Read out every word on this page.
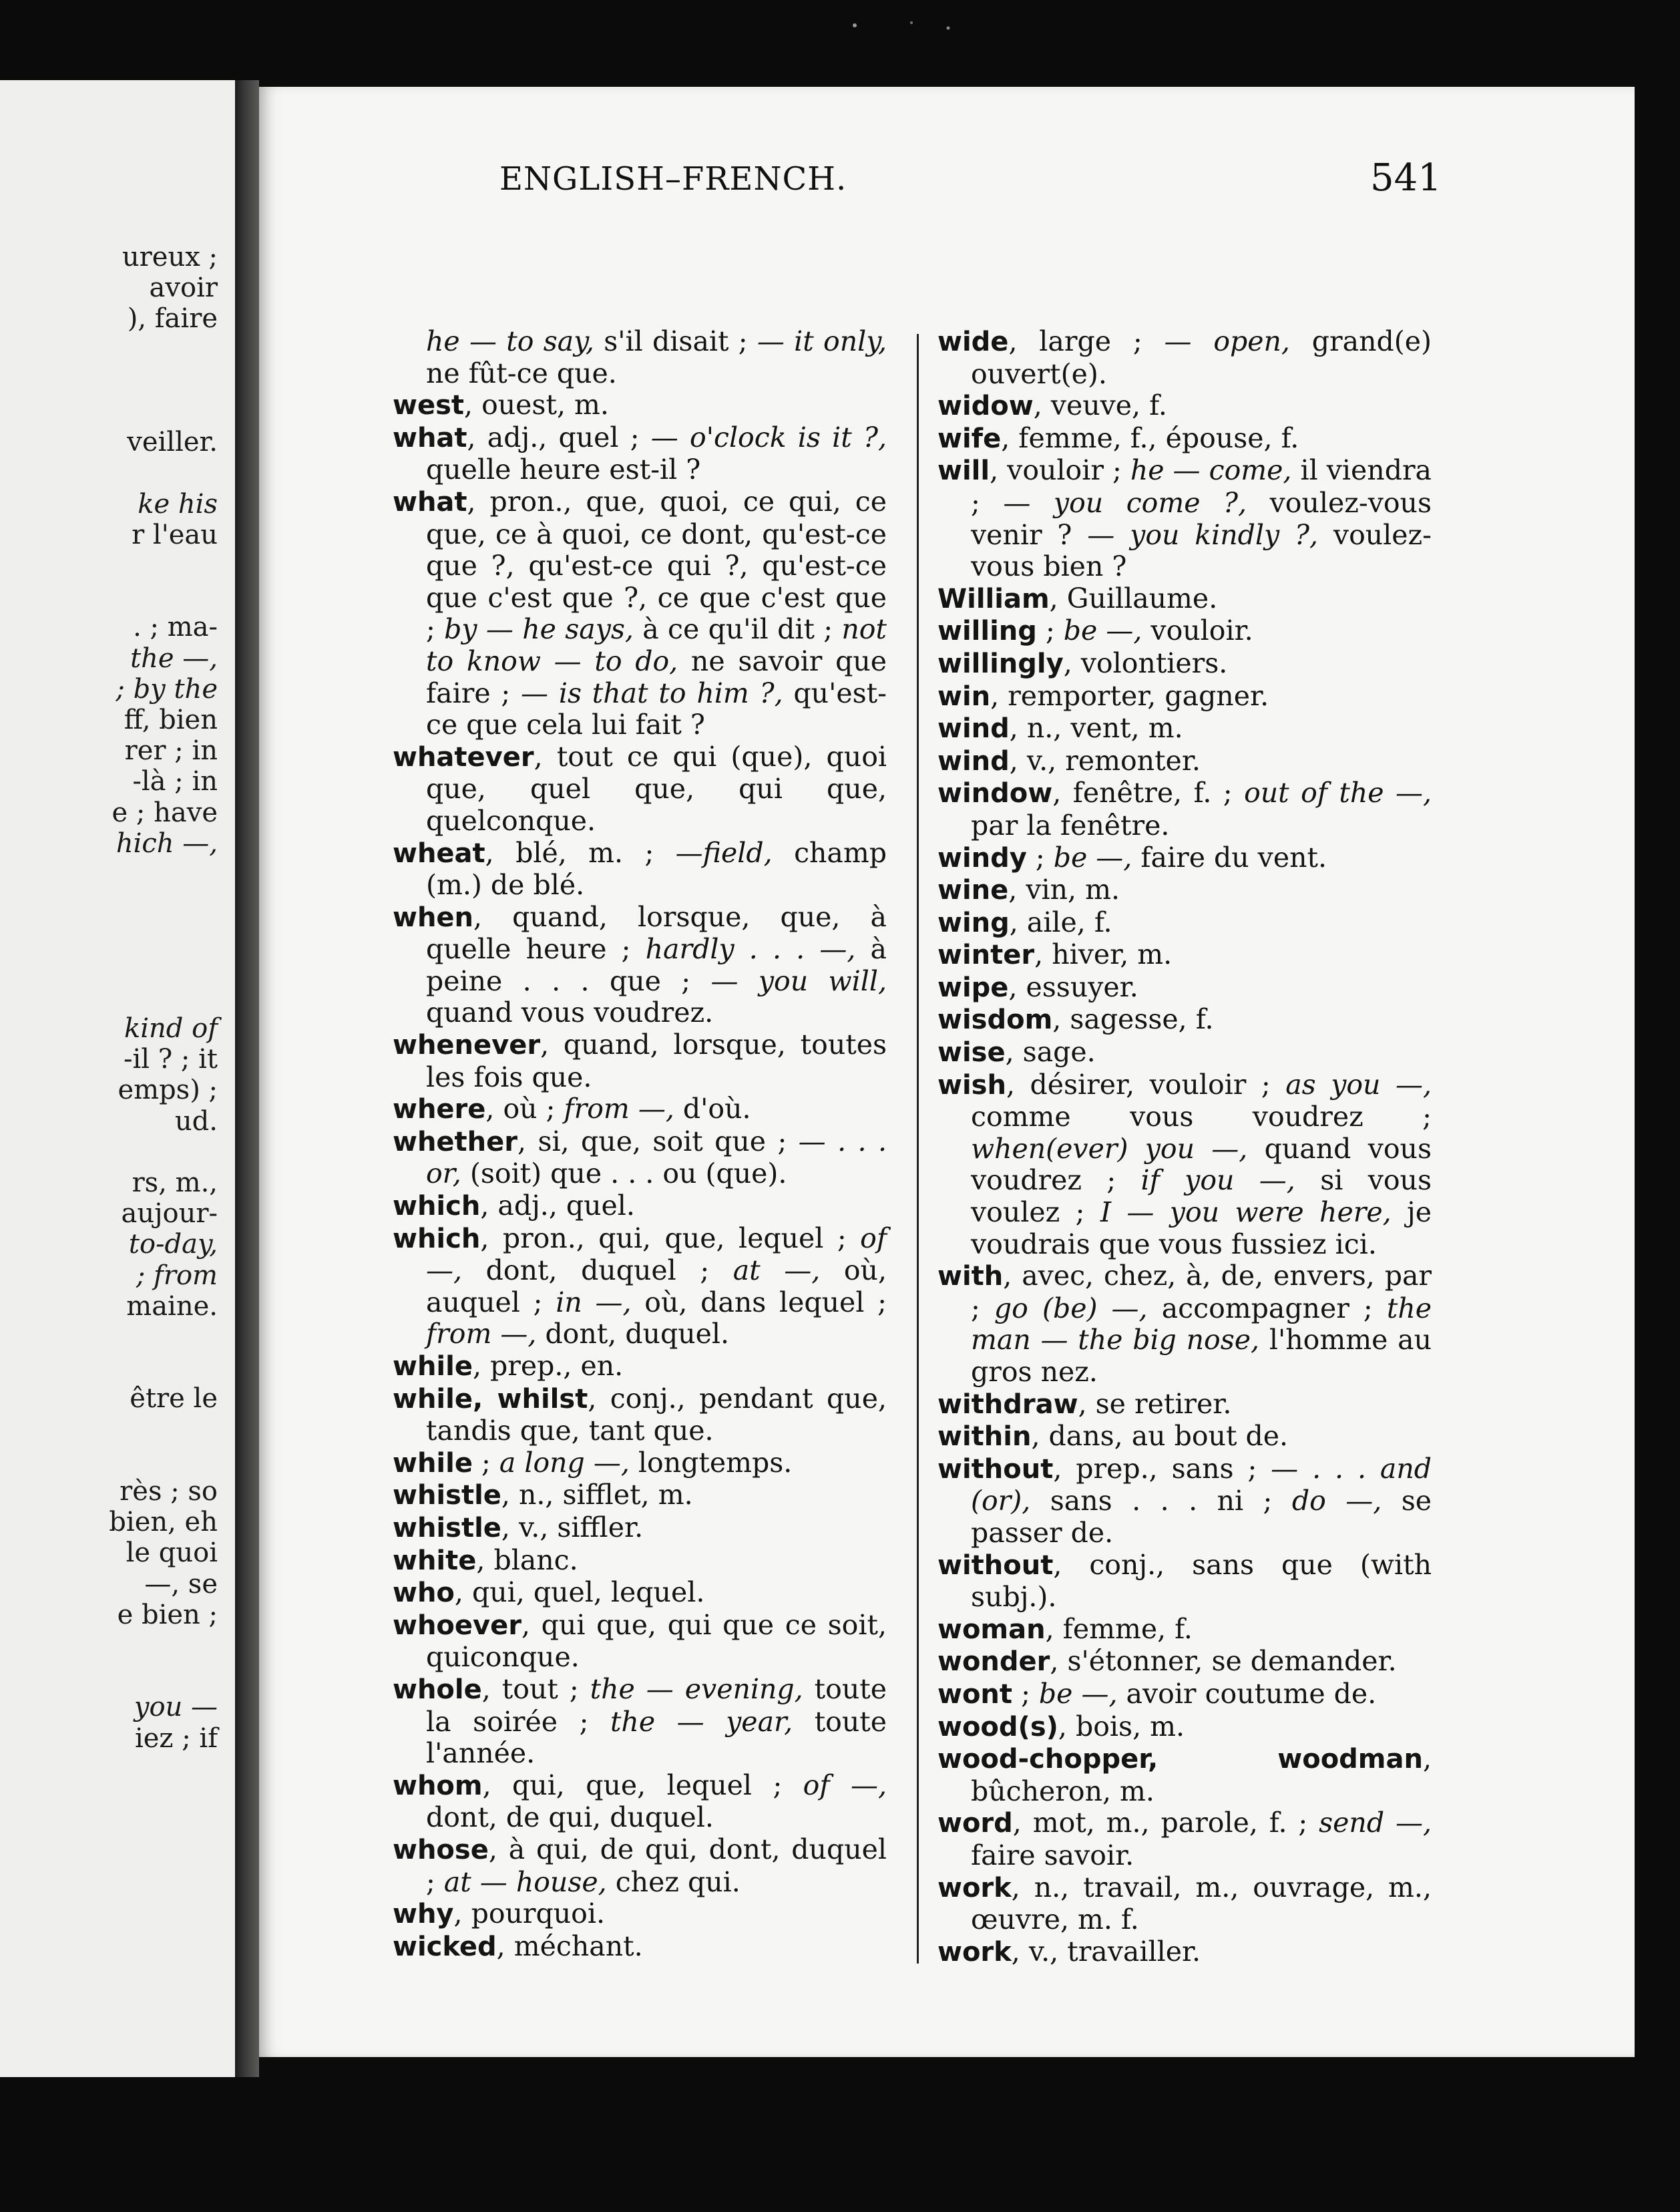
ureux ;
avoir
), faire
veiller.
ke his
r l'eau
. ; ma-
the —,
; by the
ff, bien
rer ; in
-là ; in
e ; have
hich —,
kind of
-il ? ; it
emps) ;
ud.
rs, m.,
aujour-
to-day,
; from
maine.
être le
rès ; so
bien, eh
le quoi
—, se
e bien ;
you —
iez ; if
ENGLISH–FRENCH.	541

he — to say, s'il disait ; — it only, ne fût-ce que.

west, ouest, m.

what, adj., quel ; — o'clock is it ?, quelle heure est-il ?

what, pron., que, quoi, ce qui, ce que, ce à quoi, ce dont, qu'est-ce que ?, qu'est-ce qui ?, qu'est-ce que c'est que ?, ce que c'est que ; by — he says, à ce qu'il dit ; not to know — to do, ne savoir que faire ; — is that to him ?, qu'est-ce que cela lui fait ?

whatever, tout ce qui (que), quoi que, quel que, qui que, quelconque.

wheat, blé, m. ; —field, champ (m.) de blé.

when, quand, lorsque, que, à quelle heure ; hardly . . . —, à peine . . . que ; — you will, quand vous voudrez.

whenever, quand, lorsque, toutes les fois que.

where, où ; from —, d'où.

whether, si, que, soit que ; — . . . or, (soit) que . . . ou (que).

which, adj., quel.

which, pron., qui, que, lequel ; of —, dont, duquel ; at —, où, auquel ; in —, où, dans lequel ; from —, dont, duquel.

while, prep., en.

while, whilst, conj., pendant que, tandis que, tant que.

while ; a long —, longtemps.

whistle, n., sifflet, m.

whistle, v., siffler.

white, blanc.

who, qui, quel, lequel.

whoever, qui que, qui que ce soit, quiconque.

whole, tout ; the — evening, toute la soirée ; the — year, toute l'année.

whom, qui, que, lequel ; of —, dont, de qui, duquel.

whose, à qui, de qui, dont, duquel ; at — house, chez qui.

why, pourquoi.

wicked, méchant.

wide, large ; — open, grand(e) ouvert(e).

widow, veuve, f.

wife, femme, f., épouse, f.

will, vouloir ; he — come, il viendra ; — you come ?, voulez-vous venir ? — you kindly ?, voulez-vous bien ?

William, Guillaume.

willing ; be —, vouloir.

willingly, volontiers.

win, remporter, gagner.

wind, n., vent, m.

wind, v., remonter.

window, fenêtre, f. ; out of the —, par la fenêtre.

windy ; be —, faire du vent.

wine, vin, m.

wing, aile, f.

winter, hiver, m.

wipe, essuyer.

wisdom, sagesse, f.

wise, sage.

wish, désirer, vouloir ; as you —, comme vous voudrez ; when(ever) you —, quand vous voudrez ; if you —, si vous voulez ; I — you were here, je voudrais que vous fussiez ici.

with, avec, chez, à, de, envers, par ; go (be) —, accompagner ; the man — the big nose, l'homme au gros nez.

withdraw, se retirer.

within, dans, au bout de.

without, prep., sans ; — . . . and (or), sans . . . ni ; do —, se passer de.

without, conj., sans que (with subj.).

woman, femme, f.

wonder, s'étonner, se demander.

wont ; be —, avoir coutume de.

wood(s), bois, m.

wood-chopper, woodman, bûcheron, m.

word, mot, m., parole, f. ; send —, faire savoir.

work, n., travail, m., ouvrage, m., œuvre, m. f.

work, v., travailler.
